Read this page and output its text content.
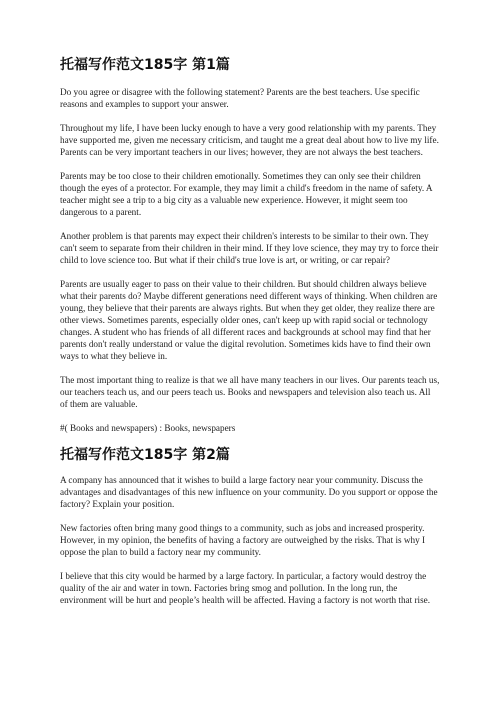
托福写作范文185字 第1篇

Do you agree or disagree with the following statement? Parents are the best teachers. Use specific reasons and examples to support your answer.

Throughout my life, I have been lucky enough to have a very good relationship with my parents. They have supported me, given me necessary criticism, and taught me a great deal about how to live my life. Parents can be very important teachers in our lives; however, they are not always the best teachers.

Parents may be too close to their children emotionally. Sometimes they can only see their children though the eyes of a protector. For example, they may limit a child's freedom in the name of safety. A teacher might see a trip to a big city as a valuable new experience. However, it might seem too dangerous to a parent.

Another problem is that parents may expect their children's interests to be similar to their own. They can't seem to separate from their children in their mind. If they love science, they may try to force their child to love science too. But what if their child's true love is art, or writing, or car repair?

Parents are usually eager to pass on their value to their children. But should children always believe what their parents do? Maybe different generations need different ways of thinking. When children are young, they believe that their parents are always rights. But when they get older, they realize there are other views. Sometimes parents, especially older ones, can't keep up with rapid social or technology changes. A student who has friends of all different races and backgrounds at school may find that her parents don't really understand or value the digital revolution. Sometimes kids have to find their own ways to what they believe in.

The most important thing to realize is that we all have many teachers in our lives. Our parents teach us, our teachers teach us, and our peers teach us. Books and newspapers and television also teach us. All of them are valuable.

#( Books and newspapers) : Books, newspapers

托福写作范文185字 第2篇

A company has announced that it wishes to build a large factory near your community. Discuss the advantages and disadvantages of this new influence on your community. Do you support or oppose the factory? Explain your position.

New factories often bring many good things to a community, such as jobs and increased prosperity. However, in my opinion, the benefits of having a factory are outweighed by the risks. That is why I oppose the plan to build a factory near my community.

I believe that this city would be harmed by a large factory. In particular, a factory would destroy the quality of the air and water in town. Factories bring smog and pollution. In the long run, the environment will be hurt and people’s health will be affected. Having a factory is not worth that rise.
